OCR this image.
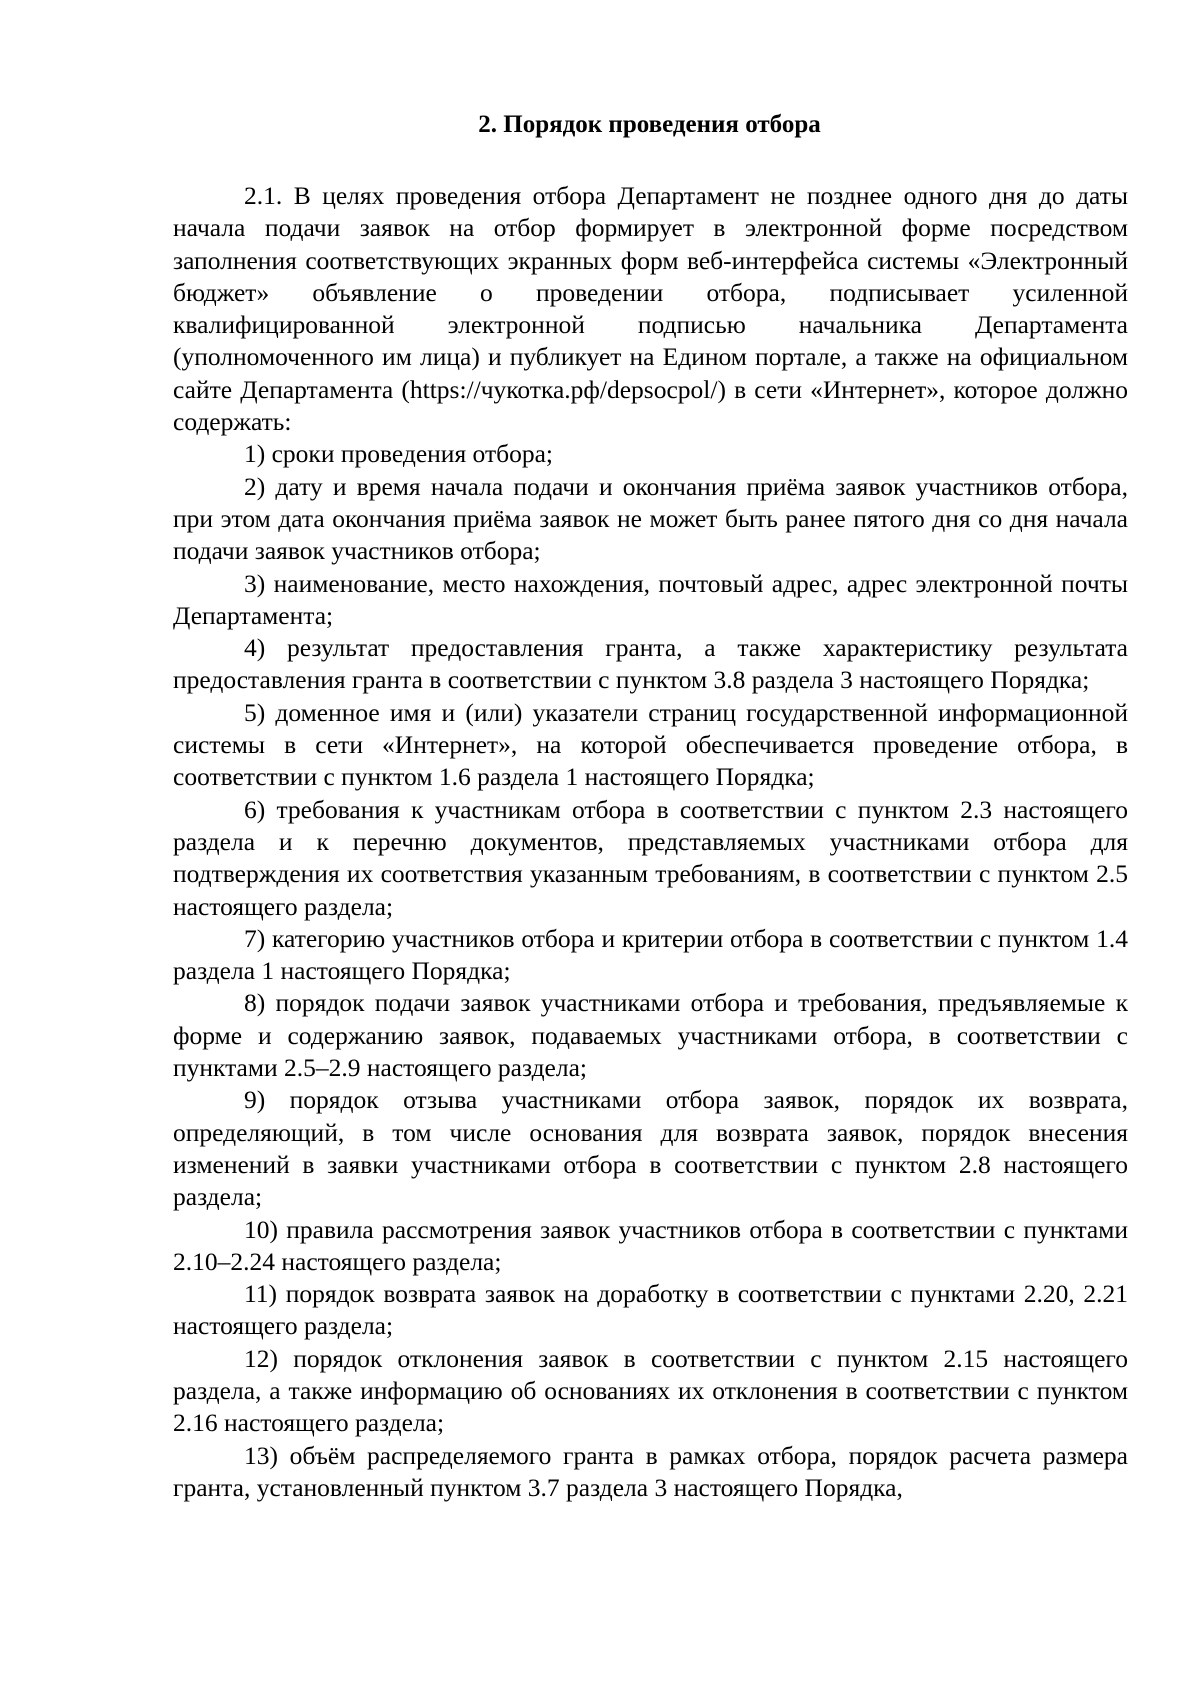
2. Порядок проведения отбора

2.1. В целях проведения отбора Департамент не позднее одного дня до даты начала подачи заявок на отбор формирует в электронной форме посредством заполнения соответствующих экранных форм веб-интерфейса системы «Электронный бюджет» объявление о проведении отбора, подписывает усиленной квалифицированной электронной подписью начальника Департамента (уполномоченного им лица) и публикует на Едином портале, а также на официальном сайте Департамента (https://чукотка.рф/depsocpol/) в сети «Интернет», которое должно содержать:

1) сроки проведения отбора;

2) дату и время начала подачи и окончания приёма заявок участников отбора, при этом дата окончания приёма заявок не может быть ранее пятого дня со дня начала подачи заявок участников отбора;

3) наименование, место нахождения, почтовый адрес, адрес электронной почты Департамента;

4) результат предоставления гранта, а также характеристику результата предоставления гранта в соответствии с пунктом 3.8 раздела 3 настоящего Порядка;

5) доменное имя и (или) указатели страниц государственной информационной системы в сети «Интернет», на которой обеспечивается проведение отбора, в соответствии с пунктом 1.6 раздела 1 настоящего Порядка;

6) требования к участникам отбора в соответствии с пунктом 2.3 настоящего раздела и к перечню документов, представляемых участниками отбора для подтверждения их соответствия указанным требованиям, в соответствии с пунктом 2.5 настоящего раздела;

7) категорию участников отбора и критерии отбора в соответствии с пунктом 1.4 раздела 1 настоящего Порядка;

8) порядок подачи заявок участниками отбора и требования, предъявляемые к форме и содержанию заявок, подаваемых участниками отбора, в соответствии с пунктами 2.5–2.9 настоящего раздела;

9) порядок отзыва участниками отбора заявок, порядок их возврата, определяющий, в том числе основания для возврата заявок, порядок внесения изменений в заявки участниками отбора в соответствии с пунктом 2.8 настоящего раздела;

10) правила рассмотрения заявок участников отбора в соответствии с пунктами 2.10–2.24 настоящего раздела;

11) порядок возврата заявок на доработку в соответствии с пунктами 2.20, 2.21 настоящего раздела;

12) порядок отклонения заявок в соответствии с пунктом 2.15 настоящего раздела, а также информацию об основаниях их отклонения в соответствии с пунктом 2.16 настоящего раздела;

13) объём распределяемого гранта в рамках отбора, порядок расчета размера гранта, установленный пунктом 3.7 раздела 3 настоящего Порядка,
